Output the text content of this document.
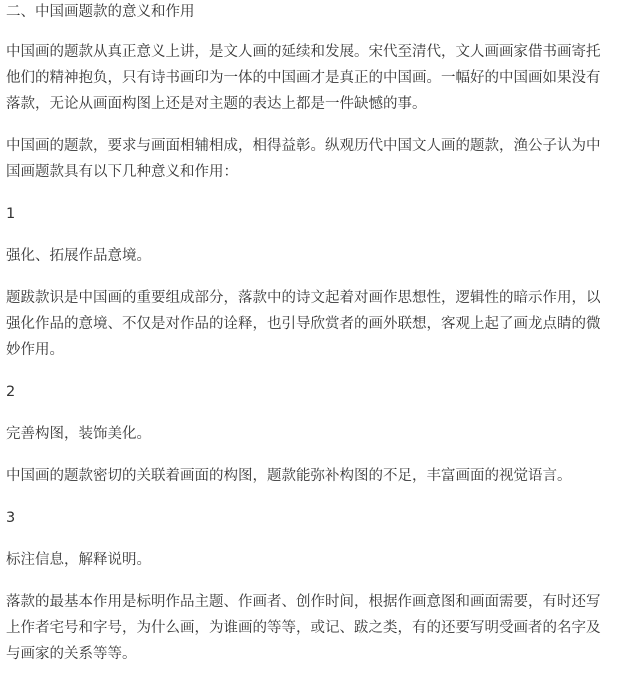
二、中国画题款的意义和作用
中国画的题款从真正意义上讲，是文人画的延续和发展。宋代至清代，文人画画家借书画寄托
他们的精神抱负，只有诗书画印为一体的中国画才是真正的中国画。一幅好的中国画如果没有
落款，无论从画面构图上还是对主题的表达上都是一件缺憾的事。
中国画的题款，要求与画面相辅相成，相得益彰。纵观历代中国文人画的题款，渔公子认为中
国画题款具有以下几种意义和作用：
1
强化、拓展作品意境。
题跋款识是中国画的重要组成部分，落款中的诗文起着对画作思想性，逻辑性的暗示作用，以
强化作品的意境、不仅是对作品的诠释，也引导欣赏者的画外联想，客观上起了画龙点睛的微
妙作用。
2
完善构图，装饰美化。
中国画的题款密切的关联着画面的构图，题款能弥补构图的不足，丰富画面的视觉语言。
3
标注信息，解释说明。
落款的最基本作用是标明作品主题、作画者、创作时间，根据作画意图和画面需要，有时还写
上作者宅号和字号，为什么画，为谁画的等等，或记、跋之类，有的还要写明受画者的名字及
与画家的关系等等。
